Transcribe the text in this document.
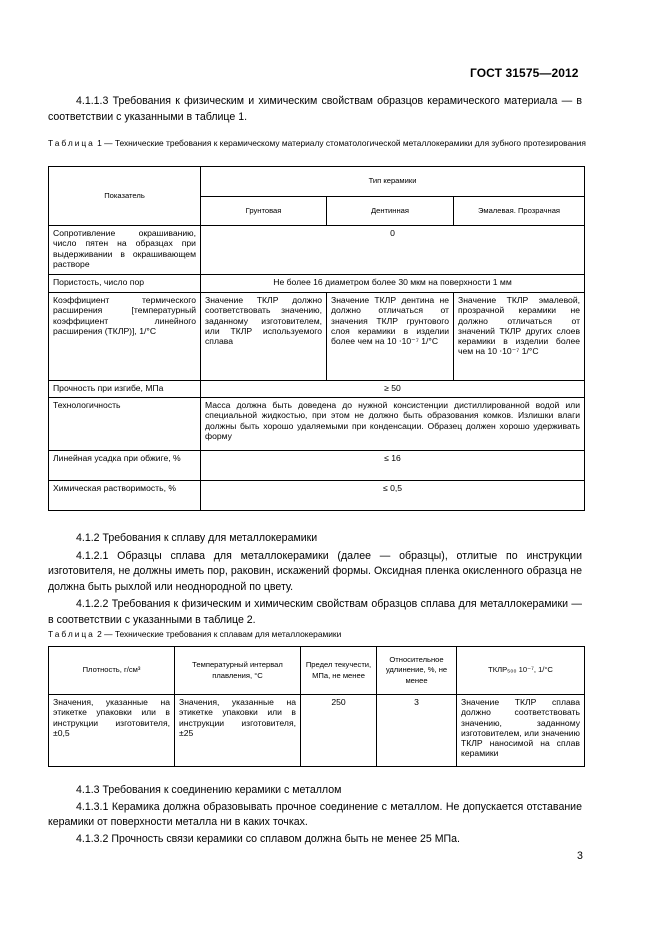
ГОСТ 31575—2012

4.1.1.3 Требования к физическим и химическим свойствам образцов керамического материала — в соответствии с указанными в таблице 1.

Таблица 1 — Технические требования к керамическому материалу стоматологической металлокерамики для зубного протезирования
Показатель	Тип керамики		
	Грунтовая	Дентинная	Эмалевая. Прозрачная
Сопротивление окрашиванию, число пятен на образцах при выдерживании в окрашивающем растворе	0		
Пористость, число пор	Не более 16 диаметром более 30 мкм на поверхности 1 мм		
Коэффициент термического расширения [температурный коэффициент линейного расширения (ТКЛР)], 1/°С	Значение ТКЛР должно соответствовать значению, заданному изготовителем, или ТКЛР используемого сплава	Значение ТКЛР дентина не должно отличаться от значения ТКЛР грунтового слоя керамики в изделии более чем на 10 ⋅10⁻⁷ 1/°С	Значение ТКЛР эмалевой, прозрачной керамики не должно отличаться от значений ТКЛР других слоев керамики в изделии более чем на 10 ⋅10⁻⁷ 1/°С
Прочность при изгибе, МПа	≥ 50		
Технологичность	Масса должна быть доведена до нужной консистенции дистиллированной водой или специальной жидкостью, при этом не должно быть образования комков. Излишки влаги должны быть хорошо удаляемыми при конденсации. Образец должен хорошо удерживать форму		
Линейная усадка при обжиге, %	≤ 16		
Химическая растворимость, %	≤ 0,5		

4.1.2 Требования к сплаву для металлокерамики

4.1.2.1 Образцы сплава для металлокерамики (далее — образцы), отлитые по инструкции изготовителя, не должны иметь пор, раковин, искажений формы. Оксидная пленка окисленного образца не должна быть рыхлой или неоднородной по цвету.

4.1.2.2 Требования к физическим и химическим свойствам образцов сплава для металлокерамики — в соответствии с указанными в таблице 2.

Таблица 2 — Технические требования к сплавам для металлокерамики
Плотность, г/см³	Температурный интервал плавления, °С	Предел текучести, МПа, не менее	Относительное удлинение, %, не менее	ТКЛР₅₀₀ 10⁻⁷, 1/°С
Значения, указанные на этикетке упаковки или в инструкции изготовителя, ±0,5	Значения, указанные на этикетке упаковки или в инструкции изготовителя, ±25	250	3	Значение ТКЛР сплава должно соответствовать значению, заданному изготовителем, или значению ТКЛР наносимой на сплав керамики

4.1.3 Требования к соединению керамики с металлом

4.1.3.1 Керамика должна образовывать прочное соединение с металлом. Не допускается отставание керамики от поверхности металла ни в каких точках.

4.1.3.2 Прочность связи керамики со сплавом должна быть не менее 25 МПа.

3
